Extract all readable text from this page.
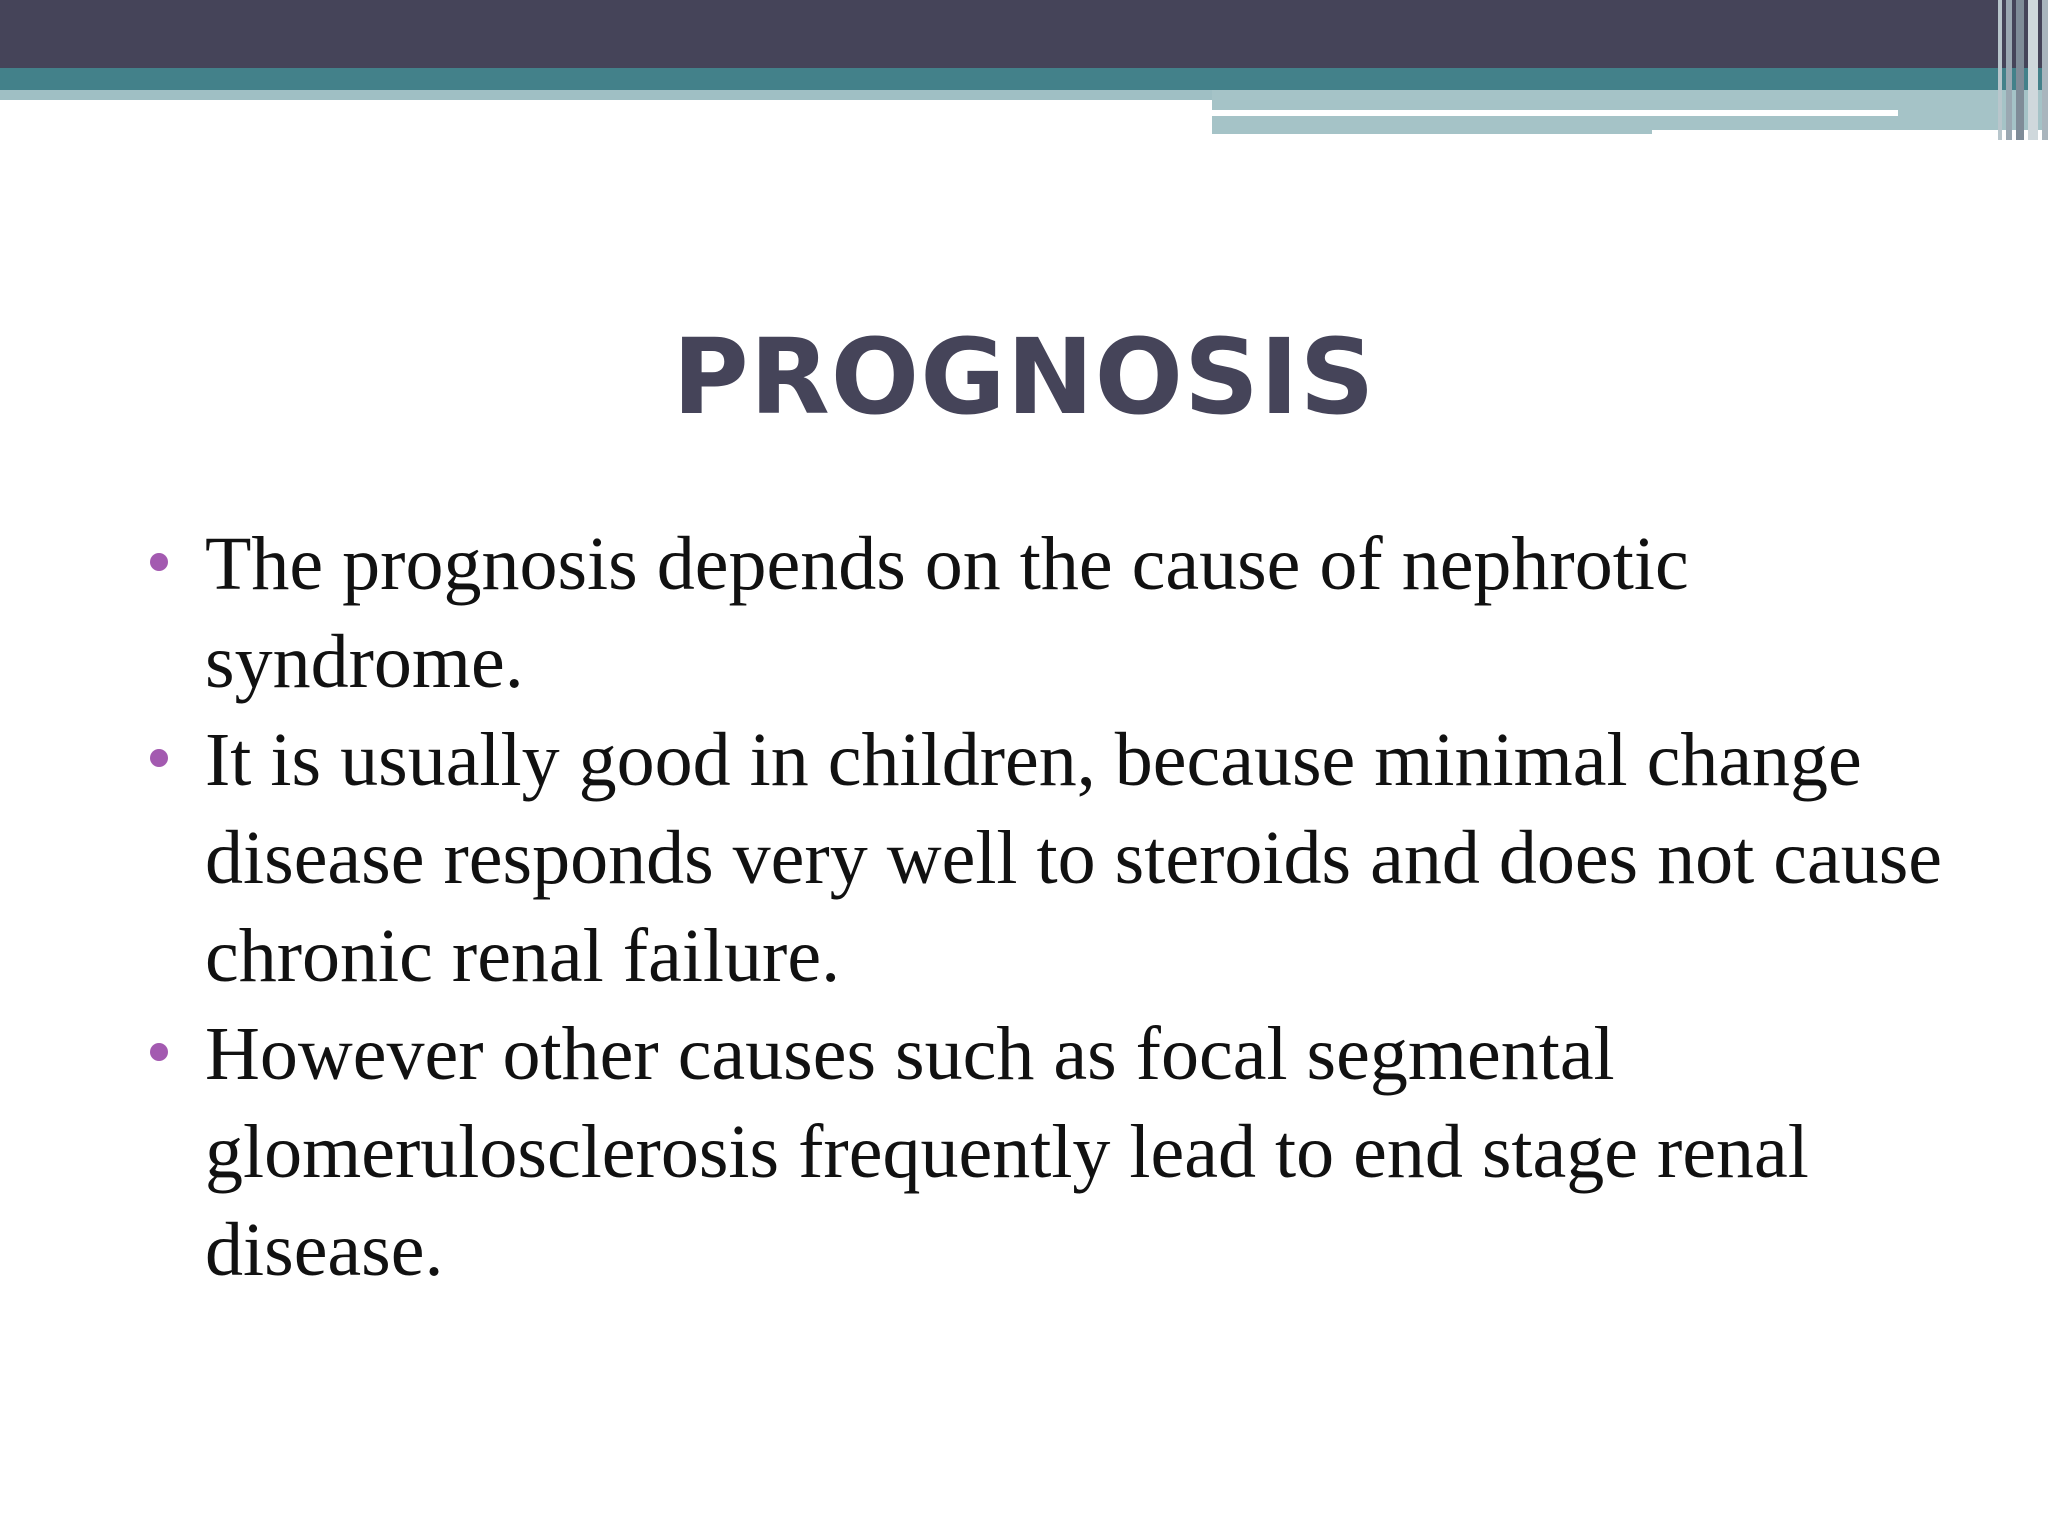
PROGNOSIS
The prognosis depends on the cause of nephrotic syndrome.
It is usually good in children, because minimal change disease responds very well to steroids and does not cause chronic renal failure.
However other causes such as focal segmental glomerulosclerosis frequently lead to end stage renal disease.
